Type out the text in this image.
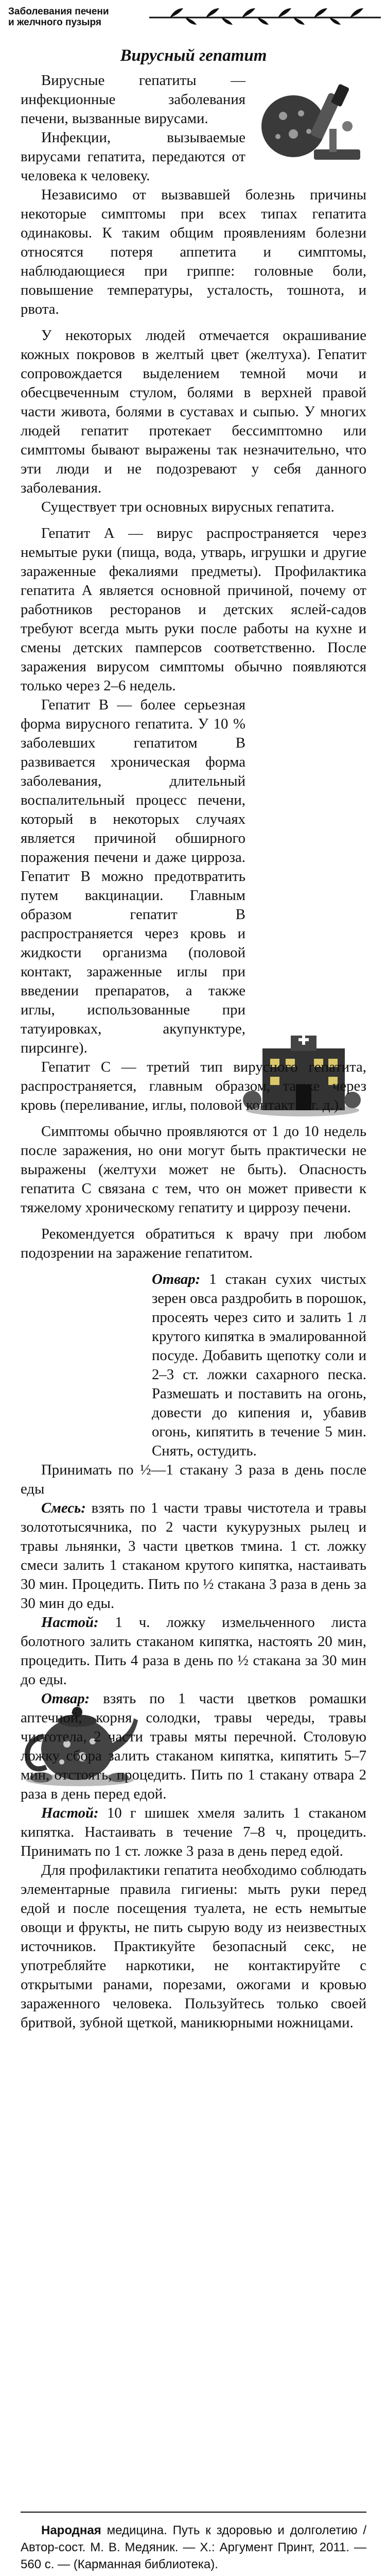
Заболевания печени
и желчного пузыря
Вирусный гепатит

Вирусные гепатиты — инфекционные заболевания печени, вызванные вирусами.

Инфекции, вызываемые вирусами гепатита, передаются от человека к человеку.

Независимо от вызвавшей болезнь причины некоторые симптомы при всех типах гепатита одинаковы. К таким общим проявлениям болезни относятся потеря аппетита и симптомы, наблюдающиеся при гриппе: головные боли, повышение температуры, усталость, тошнота, и рвота.

У некоторых людей отмечается окрашивание кожных покровов в желтый цвет (желтуха). Гепатит сопровождается выделением темной мочи и обесцвеченным стулом, болями в верхней правой части живота, болями в суставах и сыпью. У многих людей гепатит протекает бессимптомно или симптомы бывают выражены так незначительно, что эти люди и не подозревают у себя данного заболевания.

Существует три основных вирусных гепатита.

Гепатит А — вирус распространяется через немытые руки (пища, вода, утварь, игрушки и другие зараженные фекалиями предметы). Профилактика гепатита А является основной причиной, почему от работников ресторанов и детских яслей-садов требуют всегда мыть руки после работы на кухне и смены детских памперсов соответственно. После заражения вирусом симптомы обычно появляются только через 2–6 недель.

Гепатит В — более серьезная форма вирусного гепатита. У 10 % заболевших гепатитом В развивается хроническая форма заболевания, длительный воспалительный процесс печени, который в некоторых случаях является причиной обширного поражения печени и даже цирроза. Гепатит В можно предотвратить путем вакцинации. Главным образом гепатит В распространяется через кровь и жидкости организма (половой контакт, зараженные иглы при введении препаратов, а также иглы, использованные при татуировках, акупунктуре, пирсинге).

Гепатит С — третий тип вирусного гепатита, распространяется, главным образом, также через кровь (переливание, иглы, половой контакт и т. д.).

Симптомы обычно проявляются от 1 до 10 недель после заражения, но они могут быть практически не выражены (желтухи может не быть). Опасность гепатита С связана с тем, что он может привести к тяжелому хроническому гепатиту и циррозу печени.

Рекомендуется обратиться к врачу при любом подозрении на заражение гепатитом.

Отвар: 1 стакан сухих чистых зерен овса раздробить в порошок, просеять через сито и залить 1 л крутого кипятка в эмалированной посуде. Добавить щепотку соли и 2–3 ст. ложки сахарного песка. Размешать и поставить на огонь, довести до кипения и, убавив огонь, кипятить в течение 5 мин. Снять, остудить.

Принимать по ½—1 стакану 3 раза в день после еды

Смесь: взять по 1 части травы чистотела и травы золототысячника, по 2 части кукурузных рылец и травы льнянки, 3 части цветков тмина. 1 ст. ложку смеси залить 1 стаканом крутого кипятка, настаивать 30 мин. Процедить. Пить по ½ стакана 3 раза в день за 30 мин до еды.

Настой: 1 ч. ложку измельченного листа болотного залить стаканом кипятка, настоять 20 мин, процедить. Пить 4 раза в день по ½ стакана за 30 мин до еды.

Отвар: взять по 1 части цветков ромашки аптечной, корня солодки, травы череды, травы чистотела, 2 части травы мяты перечной. Столовую ложку сбора залить стаканом кипятка, кипятить 5–7 мин, отстоять, процедить. Пить по 1 стакану отвара 2 раза в день перед едой.

Настой: 10 г шишек хмеля залить 1 стаканом кипятка. Настаивать в течение 7–8 ч, процедить. Принимать по 1 ст. ложке 3 раза в день перед едой.

Для профилактики гепатита необходимо соблюдать элементарные правила гигиены: мыть руки перед едой и после посещения туалета, не есть немытые овощи и фрукты, не пить сырую воду из неизвестных источников. Практикуйте безопасный секс, не употребляйте наркотики, не контактируйте с открытыми ранами, порезами, ожогами и кровью зараженного человека. Пользуйтесь только своей бритвой, зубной щеткой, маникюрными ножницами.

Народная медицина. Путь к здоровью и долголетию / Автор-сост. М. В. Медяник. — Х.: Аргумент Принт, 2011. — 560 с. — (Карманная библиотека).
